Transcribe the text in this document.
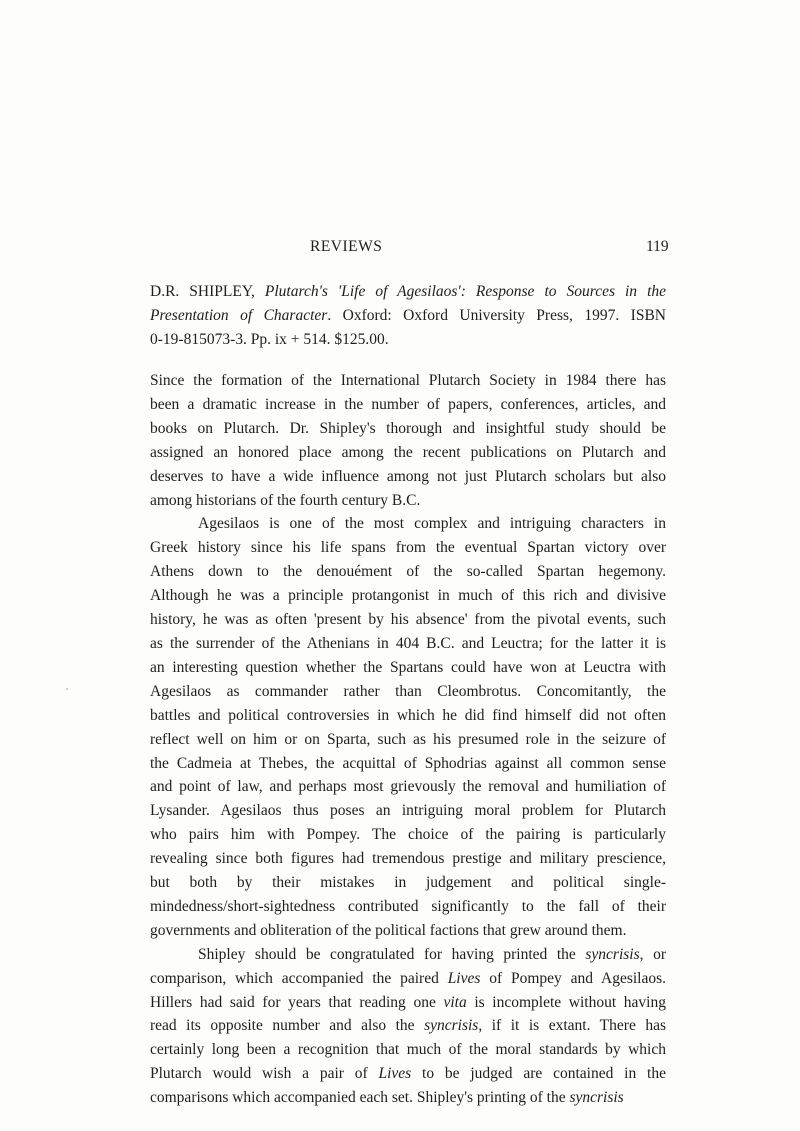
REVIEWS	119
D.R. SHIPLEY, Plutarch's 'Life of Agesilaos': Response to Sources in the
Presentation of Character. Oxford: Oxford University Press, 1997. ISBN
0-19-815073-3. Pp. ix + 514. $125.00.
Since the formation of the International Plutarch Society in 1984 there has
been a dramatic increase in the number of papers, conferences, articles, and
books on Plutarch. Dr. Shipley's thorough and insightful study should be
assigned an honored place among the recent publications on Plutarch and
deserves to have a wide influence among not just Plutarch scholars but also
among historians of the fourth century B.C.
Agesilaos is one of the most complex and intriguing characters in
Greek history since his life spans from the eventual Spartan victory over
Athens down to the denouément of the so-called Spartan hegemony.
Although he was a principle protangonist in much of this rich and divisive
history, he was as often 'present by his absence' from the pivotal events, such
as the surrender of the Athenians in 404 B.C. and Leuctra; for the latter it is
an interesting question whether the Spartans could have won at Leuctra with
Agesilaos as commander rather than Cleombrotus. Concomitantly, the
battles and political controversies in which he did find himself did not often
reflect well on him or on Sparta, such as his presumed role in the seizure of
the Cadmeia at Thebes, the acquittal of Sphodrias against all common sense
and point of law, and perhaps most grievously the removal and humiliation of
Lysander. Agesilaos thus poses an intriguing moral problem for Plutarch
who pairs him with Pompey. The choice of the pairing is particularly
revealing since both figures had tremendous prestige and military prescience,
but both by their mistakes in judgement and political single-
mindedness/short-sightedness contributed significantly to the fall of their
governments and obliteration of the political factions that grew around them.
Shipley should be congratulated for having printed the syncrisis, or
comparison, which accompanied the paired Lives of Pompey and Agesilaos.
Hillers had said for years that reading one vita is incomplete without having
read its opposite number and also the syncrisis, if it is extant. There has
certainly long been a recognition that much of the moral standards by which
Plutarch would wish a pair of Lives to be judged are contained in the
comparisons which accompanied each set. Shipley's printing of the syncrisis
